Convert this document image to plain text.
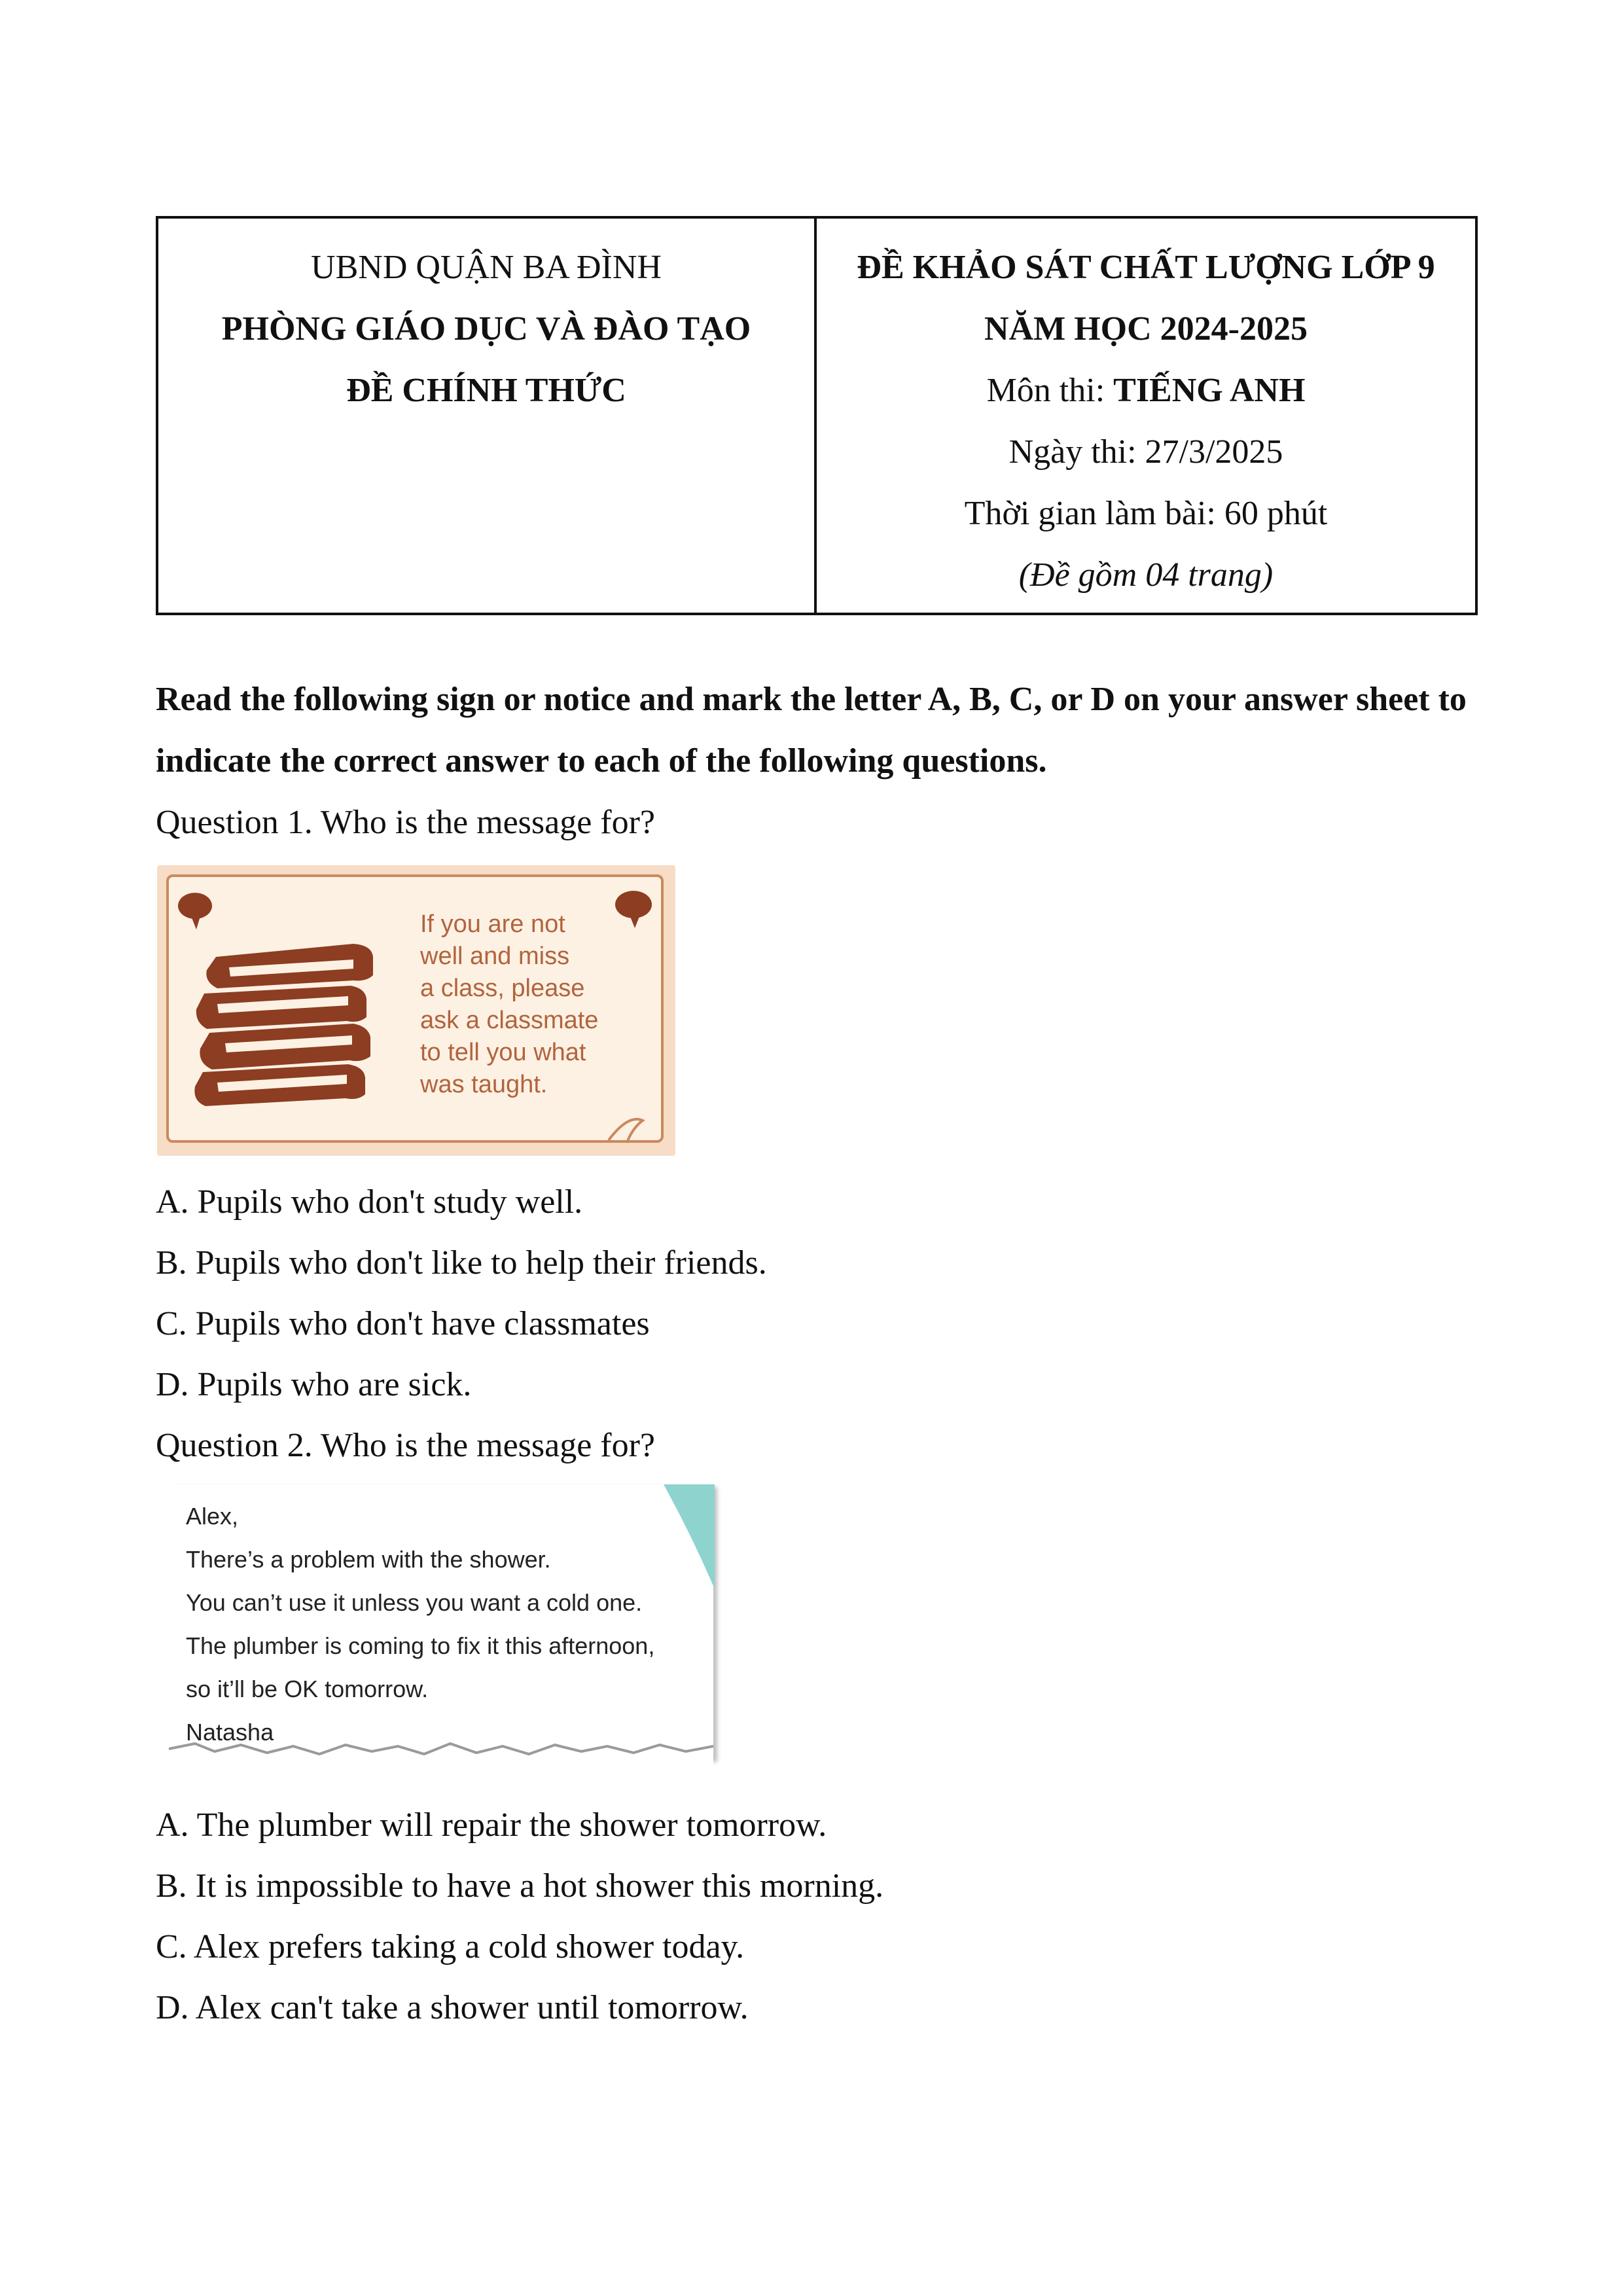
UBND QUẬN BA ĐÌNH
PHÒNG GIÁO DỤC VÀ ĐÀO TẠO
ĐỀ CHÍNH THỨC
ĐỀ KHẢO SÁT CHẤT LƯỢNG LỚP 9
NĂM HỌC 2024-2025
Môn thi: TIẾNG ANH
Ngày thi: 27/3/2025
Thời gian làm bài: 60 phút
(Đề gồm 04 trang)
Read the following sign or notice and mark the letter A, B, C, or D on your answer sheet to indicate the correct answer to each of the following questions.
Question 1. Who is the message for?
If you are not
well and miss
a class, please
ask a classmate
to tell you what
was taught.
A. Pupils who don't study well.
B. Pupils who don't like to help their friends.
C. Pupils who don't have classmates
D. Pupils who are sick.
Question 2. Who is the message for?
Alex,
There’s a problem with the shower.
You can’t use it unless you want a cold one.
The plumber is coming to fix it this afternoon,
so it’ll be OK tomorrow.
Natasha
A. The plumber will repair the shower tomorrow.
B. It is impossible to have a hot shower this morning.
C. Alex prefers taking a cold shower today.
D. Alex can't take a shower until tomorrow.
